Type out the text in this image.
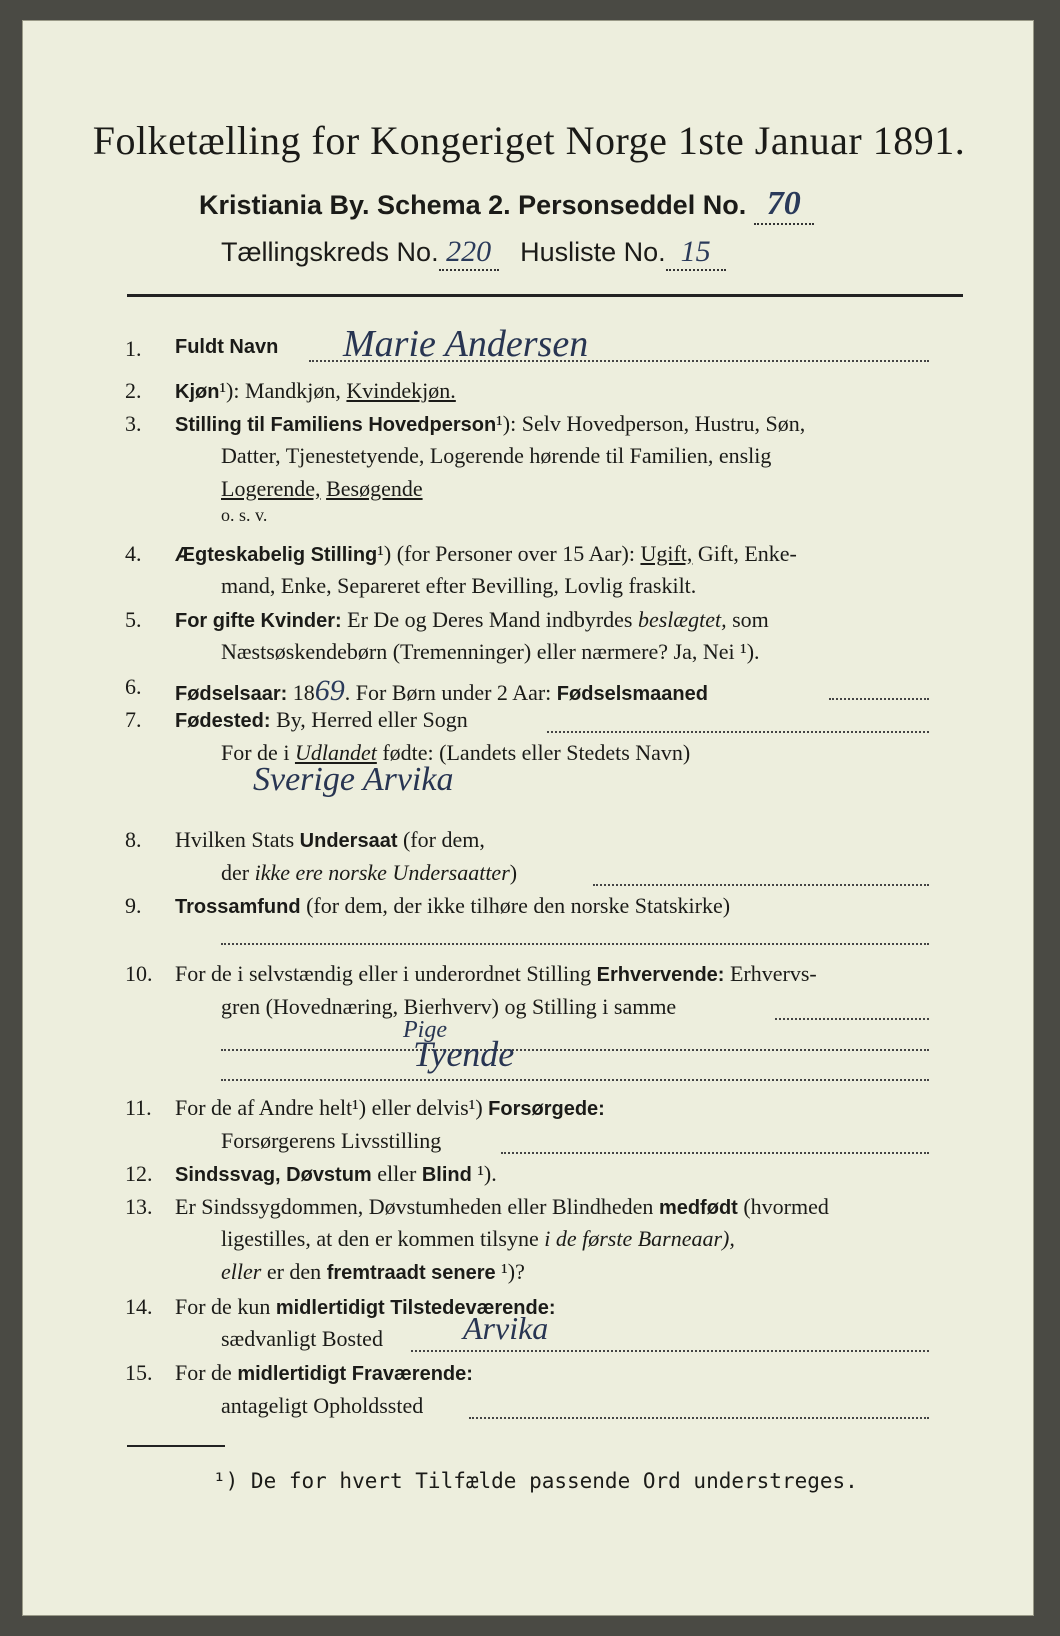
Folketælling for Kongeriget Norge 1ste Januar 1891.
Kristiania By. Schema 2. Personseddel No. 70
Tællingskreds No. 220 Husliste No. 15
1.	Fuldt Navn Marie Andersen
2.	Kjøn¹): Mandkjøn, Kvindekjøn.
3.	Stilling til Familiens Hovedperson¹): Selv Hovedperson, Hustru, Søn,
Datter, Tjenestetyende, Logerende hørende til Familien, enslig
Logerende, Besøgende
o. s. v.
4.	Ægteskabelig Stilling¹) (for Personer over 15 Aar): Ugift, Gift, Enke-
mand, Enke, Separeret efter Bevilling, Lovlig fraskilt.
5.	For gifte Kvinder: Er De og Deres Mand indbyrdes beslægtet, som
Næstsøskendebørn (Tremenninger) eller nærmere? Ja, Nei ¹).
6.	Fødselsaar: 1869. For Børn under 2 Aar: Fødselsmaaned
7.	Fødested: By, Herred eller Sogn
For de i Udlandet fødte: (Landets eller Stedets Navn)
Sverige Arvika
8.	Hvilken Stats Undersaat (for dem,
der ikke ere norske Undersaatter)
9.	Trossamfund (for dem, der ikke tilhøre den norske Statskirke)
10.	For de i selvstændig eller i underordnet Stilling Erhvervende: Erhvervs-
gren (Hovednæring, Bierhverv) og Stilling i samme
Pige
Tyende
11.	For de af Andre helt¹) eller delvis¹) Forsørgede:
Forsørgerens Livsstilling
12.	Sindssvag, Døvstum eller Blind ¹).
13.	Er Sindssygdommen, Døvstumheden eller Blindheden medfødt (hvormed
ligestilles, at den er kommen tilsyne i de første Barneaar),
eller er den fremtraadt senere ¹)?
14.	For de kun midlertidigt Tilstedeværende:
sædvanligt Bosted	Arvika
15.	For de midlertidigt Fraværende:
antageligt Opholdssted
¹) De for hvert Tilfælde passende Ord understreges.
